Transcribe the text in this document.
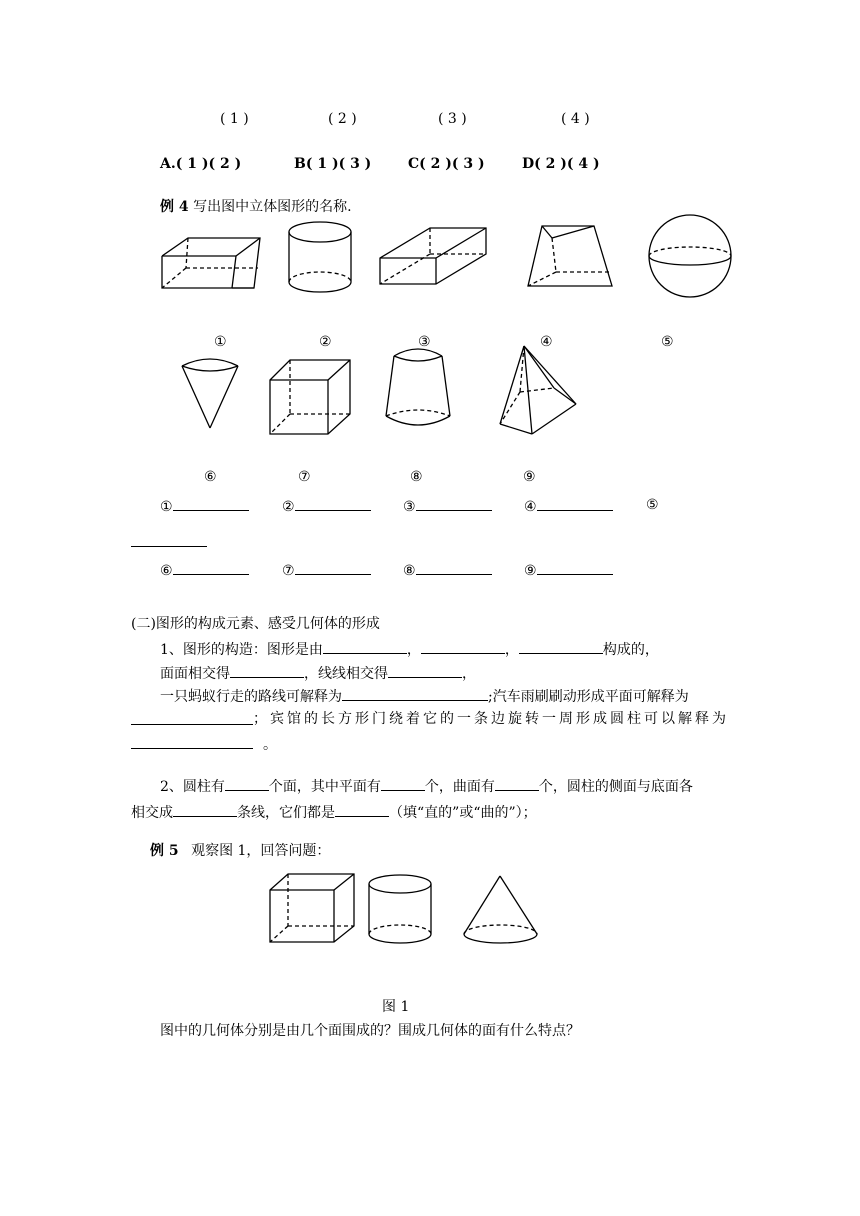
( 1 )	( 2 )	( 3 )	( 4 )
A.( 1 )( 2 )	B( 1 )( 3 )	C( 2 )( 3 )	D( 2 )( 4 )
例 4 写出图中立体图形的名称.
①	②	③	④	⑤
⑥	⑦	⑧	⑨
①	②	③	④	⑤
⑥	⑦	⑧	⑨
(二)图形的构成元素、感受几何体的形成
1、图形的构造：图形是由	，	，	构成的，
面面相交得	，线线相交得	，
一只蚂蚁行走的路线可解释为	;汽车雨刷刷动形成平面可解释为
；宾馆的长方形门绕着它的一条边旋转一周形成圆柱可以解释为
。
2、圆柱有	个面，其中平面有	个，曲面有	个，圆柱的侧面与底面各
相交成	条线，它们都是	（填“直的”或“曲的”）；
例 5 观察图 1，回答问题：
图 1
图中的几何体分别是由几个面围成的？围成几何体的面有什么特点？
